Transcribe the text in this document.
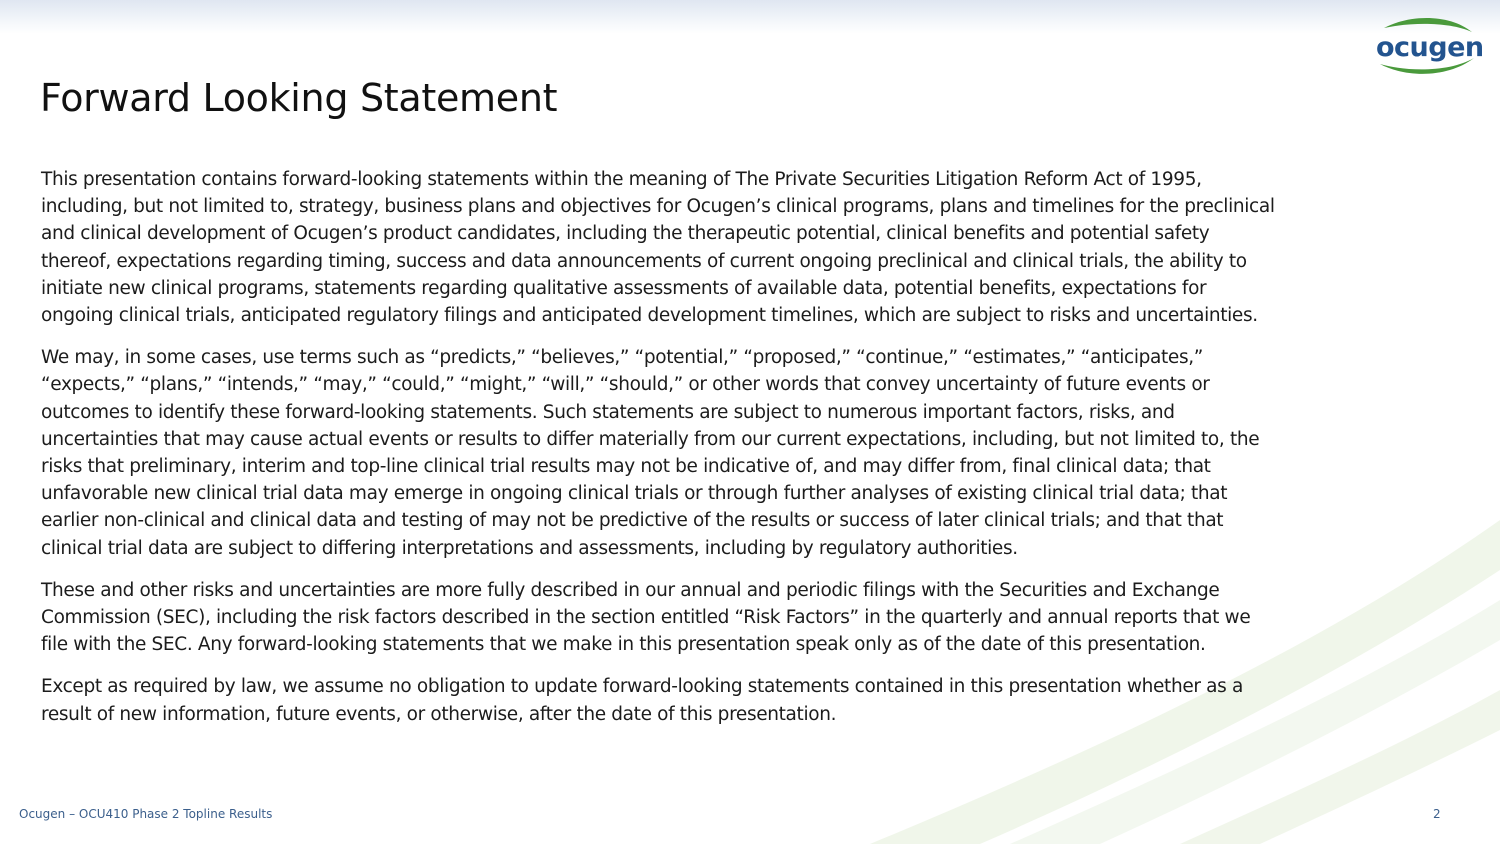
ocugen
Forward Looking Statement

This presentation contains forward-looking statements within the meaning of The Private Securities Litigation Reform Act of 1995,
including, but not limited to, strategy, business plans and objectives for Ocugen’s clinical programs, plans and timelines for the preclinical
and clinical development of Ocugen’s product candidates, including the therapeutic potential, clinical benefits and potential safety
thereof, expectations regarding timing, success and data announcements of current ongoing preclinical and clinical trials, the ability to
initiate new clinical programs, statements regarding qualitative assessments of available data, potential benefits, expectations for
ongoing clinical trials, anticipated regulatory filings and anticipated development timelines, which are subject to risks and uncertainties.

We may, in some cases, use terms such as “predicts,” “believes,” “potential,” “proposed,” “continue,” “estimates,” “anticipates,”
“expects,” “plans,” “intends,” “may,” “could,” “might,” “will,” “should,” or other words that convey uncertainty of future events or
outcomes to identify these forward-looking statements. Such statements are subject to numerous important factors, risks, and
uncertainties that may cause actual events or results to differ materially from our current expectations, including, but not limited to, the
risks that preliminary, interim and top-line clinical trial results may not be indicative of, and may differ from, final clinical data; that
unfavorable new clinical trial data may emerge in ongoing clinical trials or through further analyses of existing clinical trial data; that
earlier non-clinical and clinical data and testing of may not be predictive of the results or success of later clinical trials; and that that
clinical trial data are subject to differing interpretations and assessments, including by regulatory authorities.

These and other risks and uncertainties are more fully described in our annual and periodic filings with the Securities and Exchange
Commission (SEC), including the risk factors described in the section entitled “Risk Factors” in the quarterly and annual reports that we
file with the SEC. Any forward-looking statements that we make in this presentation speak only as of the date of this presentation.

Except as required by law, we assume no obligation to update forward-looking statements contained in this presentation whether as a
result of new information, future events, or otherwise, after the date of this presentation.

Ocugen – OCU410 Phase 2 Topline Results	2
